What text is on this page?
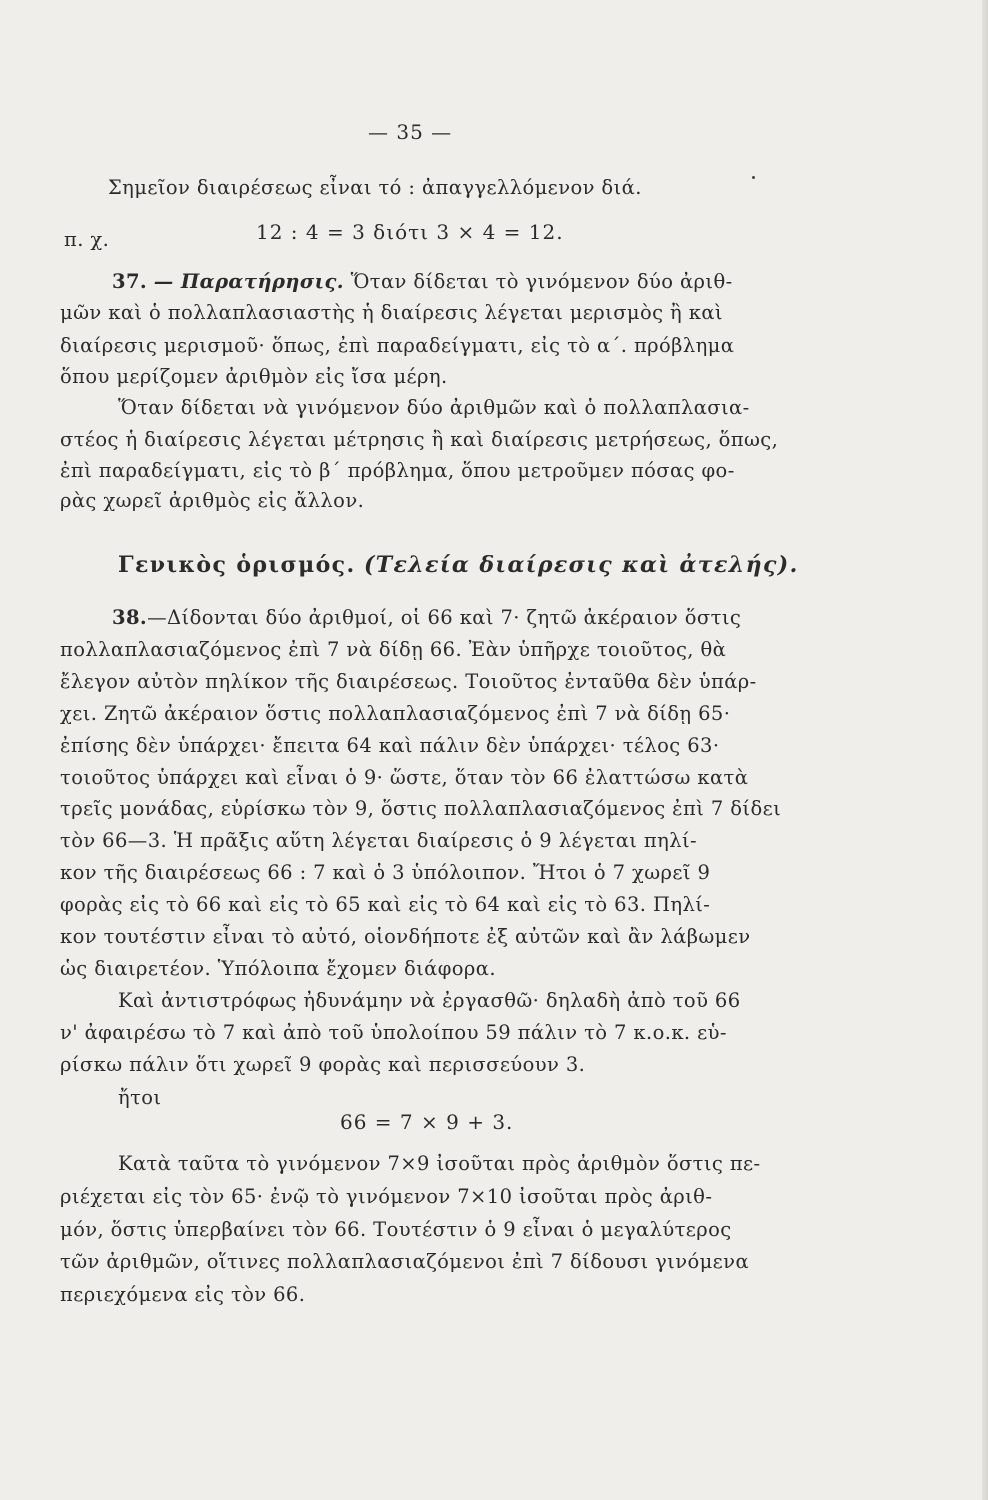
— 35 —
Σημεῖον διαιρέσεως εἶναι τό : ἀπαγγελλόμενον διά.
π. χ.	12 : 4 = 3 διότι 3 × 4 = 12.
37. — Παρατήρησις. Ὅταν δίδεται τὸ γινόμενον δύο ἀριθ-
μῶν καὶ ὁ πολλαπλασιαστὴς ἡ διαίρεσις λέγεται μερισμὸς ἢ καὶ
διαίρεσις μερισμοῦ· ὅπως, ἐπὶ παραδείγματι, εἰς τὸ α΄. πρόβλημα
ὅπου μερίζομεν ἀριθμὸν εἰς ἴσα μέρη.
Ὅταν δίδεται νὰ γινόμενον δύο ἀριθμῶν καὶ ὁ πολλαπλασια-
στέος ἡ διαίρεσις λέγεται μέτρησις ἢ καὶ διαίρεσις μετρήσεως, ὅπως,
ἐπὶ παραδείγματι, εἰς τὸ β΄ πρόβλημα, ὅπου μετροῦμεν πόσας φο-
ρὰς χωρεῖ ἀριθμὸς εἰς ἄλλον.
Γενικὸς ὁρισμός. (Τελεία διαίρεσις καὶ ἀτελής).
38.—Δίδονται δύο ἀριθμοί, οἱ 66 καὶ 7· ζητῶ ἀκέραιον ὅστις
πολλαπλασιαζόμενος ἐπὶ 7 νὰ δίδῃ 66. Ἐὰν ὑπῆρχε τοιοῦτος, θὰ
ἔλεγον αὐτὸν πηλίκον τῆς διαιρέσεως. Τοιοῦτος ἐνταῦθα δὲν ὑπάρ-
χει. Ζητῶ ἀκέραιον ὅστις πολλαπλασιαζόμενος ἐπὶ 7 νὰ δίδῃ 65·
ἐπίσης δὲν ὑπάρχει· ἔπειτα 64 καὶ πάλιν δὲν ὑπάρχει· τέλος 63·
τοιοῦτος ὑπάρχει καὶ εἶναι ὁ 9· ὥστε, ὅταν τὸν 66 ἐλαττώσω κατὰ
τρεῖς μονάδας, εὑρίσκω τὸν 9, ὅστις πολλαπλασιαζόμενος ἐπὶ 7 δίδει
τὸν 66—3. Ἡ πρᾶξις αὕτη λέγεται διαίρεσις ὁ 9 λέγεται πηλί-
κον τῆς διαιρέσεως 66 : 7 καὶ ὁ 3 ὑπόλοιπον. Ἤτοι ὁ 7 χωρεῖ 9
φορὰς εἰς τὸ 66 καὶ εἰς τὸ 65 καὶ εἰς τὸ 64 καὶ εἰς τὸ 63. Πηλί-
κον τουτέστιν εἶναι τὸ αὐτό, οἱονδήποτε ἐξ αὐτῶν καὶ ἂν λάβωμεν
ὡς διαιρετέον. Ὑπόλοιπα ἔχομεν διάφορα.
Καὶ ἀντιστρόφως ἠδυνάμην νὰ ἐργασθῶ· δηλαδὴ ἀπὸ τοῦ 66
ν' ἀφαιρέσω τὸ 7 καὶ ἀπὸ τοῦ ὑπολοίπου 59 πάλιν τὸ 7 κ.ο.κ. εὑ-
ρίσκω πάλιν ὅτι χωρεῖ 9 φορὰς καὶ περισσεύουν 3.
ἤτοι
66 = 7 × 9 + 3.
Κατὰ ταῦτα τὸ γινόμενον 7×9 ἰσοῦται πρὸς ἀριθμὸν ὅστις πε-
ριέχεται εἰς τὸν 65· ἐνῷ τὸ γινόμενον 7×10 ἰσοῦται πρὸς ἀριθ-
μόν, ὅστις ὑπερβαίνει τὸν 66. Τουτέστιν ὁ 9 εἶναι ὁ μεγαλύτερος
τῶν ἀριθμῶν, οἵτινες πολλαπλασιαζόμενοι ἐπὶ 7 δίδουσι γινόμενα
περιεχόμενα εἰς τὸν 66.
